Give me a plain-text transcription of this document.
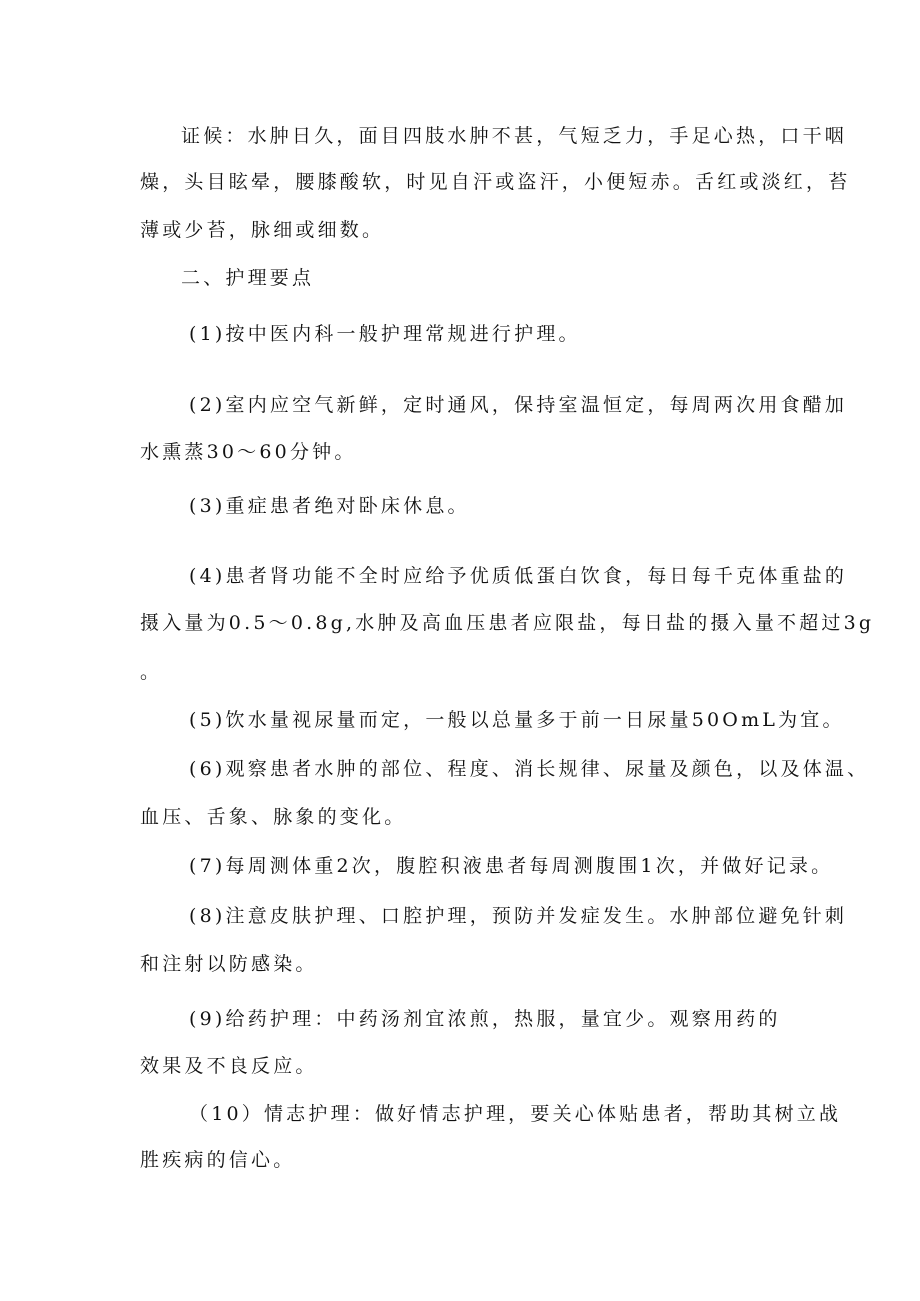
证候：水肿日久，面目四肢水肿不甚，气短乏力，手足心热，口干咽
燥，头目眩晕，腰膝酸软，时见自汗或盗汗，小便短赤。舌红或淡红，苔
薄或少苔，脉细或细数。
二、护理要点
(1)按中医内科一般护理常规进行护理。
(2)室内应空气新鲜，定时通风，保持室温恒定，每周两次用食醋加
水熏蒸30～60分钟。
(3)重症患者绝对卧床休息。
(4)患者肾功能不全时应给予优质低蛋白饮食，每日每千克体重盐的
摄入量为0.5～0.8g,水肿及高血压患者应限盐，每日盐的摄入量不超过3g
。
(5)饮水量视尿量而定，一般以总量多于前一日尿量50OmL为宜。
(6)观察患者水肿的部位、程度、消长规律、尿量及颜色，以及体温、
血压、舌象、脉象的变化。
(7)每周测体重2次，腹腔积液患者每周测腹围1次，并做好记录。
(8)注意皮肤护理、口腔护理，预防并发症发生。水肿部位避免针刺
和注射以防感染。
(9)给药护理：中药汤剂宜浓煎，热服，量宜少。观察用药的
效果及不良反应。
（10）情志护理：做好情志护理，要关心体贴患者，帮助其树立战
胜疾病的信心。
